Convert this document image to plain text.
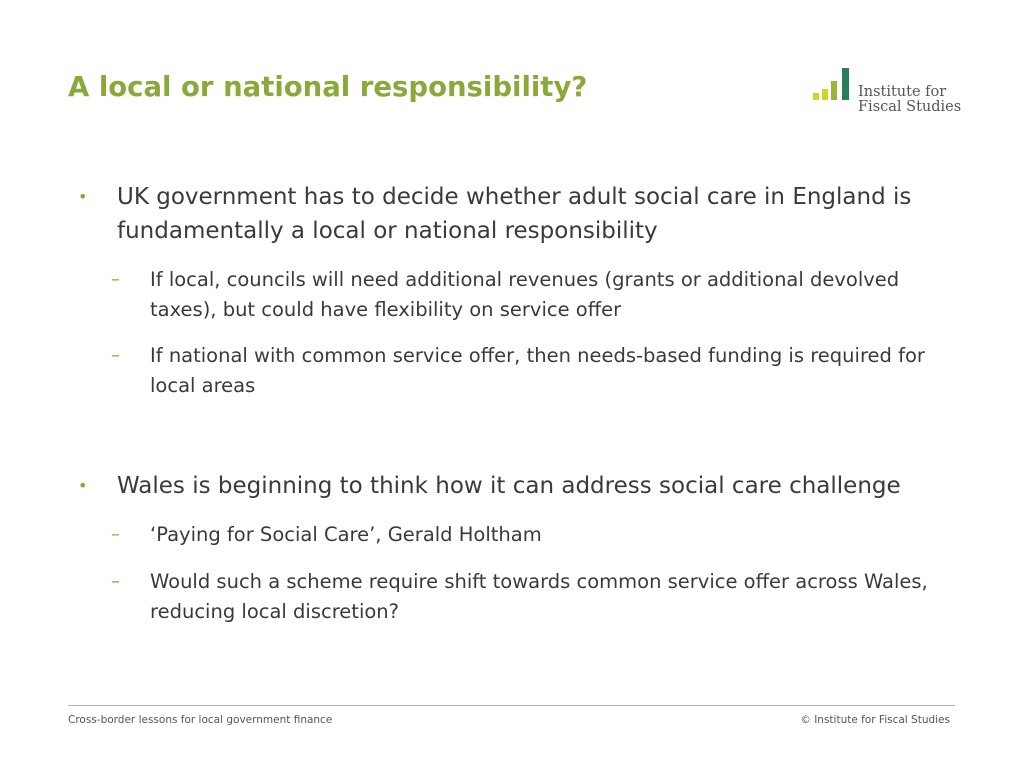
A local or national responsibility?	Institute for
Fiscal Studies
• UK government has to decide whether adult social care in England is fundamentally a local or national responsibility

– If local, councils will need additional revenues (grants or additional devolved taxes), but could have flexibility on service offer

– If national with common service offer, then needs-based funding is required for local areas

• Wales is beginning to think how it can address social care challenge

– ‘Paying for Social Care’, Gerald Holtham

– Would such a scheme require shift towards common service offer across Wales, reducing local discretion?

Cross-border lessons for local government finance	© Institute for Fiscal Studies
